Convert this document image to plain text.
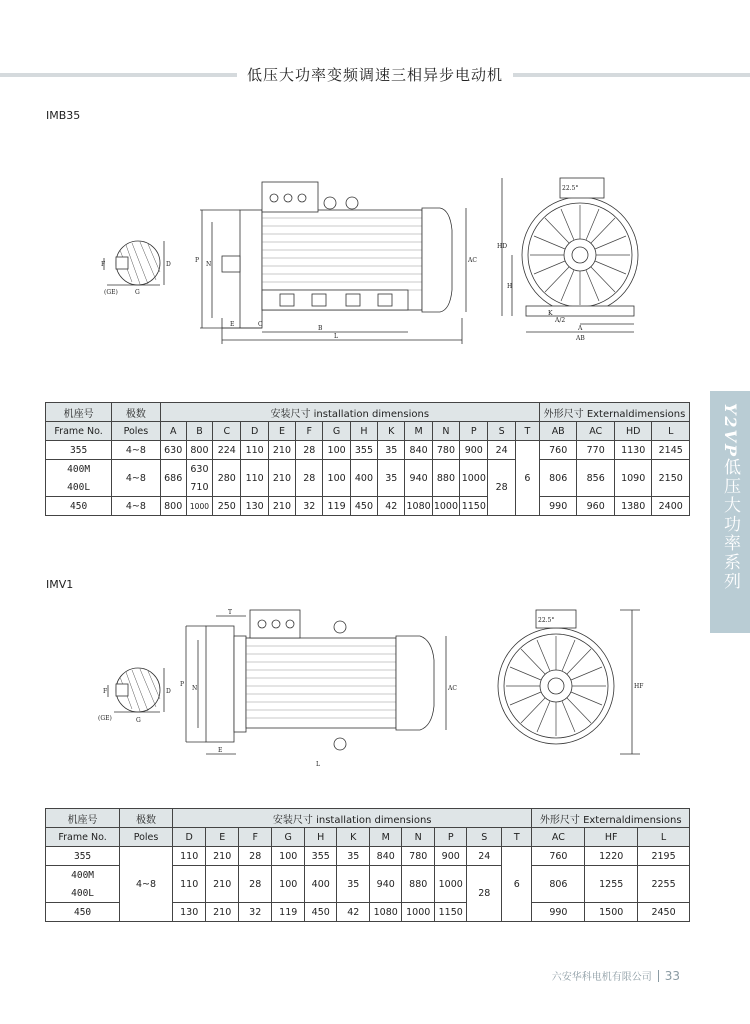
低压大功率变频调速三相异步电动机
IMB35
IMV1
Y2VP低压大功率系列
F	D
(GE)	G
P
N
E	C
B
L
AC
HD
H
K
A/2
A
AB
22.5°
F	D
(GE)	G
P
N
T
E
L
AC	HF
22.5°
机座号	极数	安装尺寸 installation dimensions														外形尺寸 Externaldimensions			
Frame No.	Poles	A	B	C	D	E	F	G	H	K	M	N	P	S	T	AB	AC	HD	L
355	4~8	630	800	224	110	210	28	100	355	35	840	780	900	24	6	760	770	1130	2145
400M	4~8	686	630	280	110	210	28	100	400	35	940	880	1000	28		806	856	1090	2150
400L			710																
450	4~8	800	1000	250	130	210	32	119	450	42	1080	1000	1150			990	960	1380	2400
机座号	极数	安装尺寸 installation dimensions											外形尺寸 Externaldimensions		
Frame No.	Poles	D	E	F	G	H	K	M	N	P	S	T	AC	HF	L
355	4~8	110	210	28	100	355	35	840	780	900	24	6	760	1220	2195
400M		110	210	28	100	400	35	940	880	1000	28		806	1255	2255
400L															
450		130	210	32	119	450	42	1080	1000	1150			990	1500	2450
六安华科电机有限公司 33
